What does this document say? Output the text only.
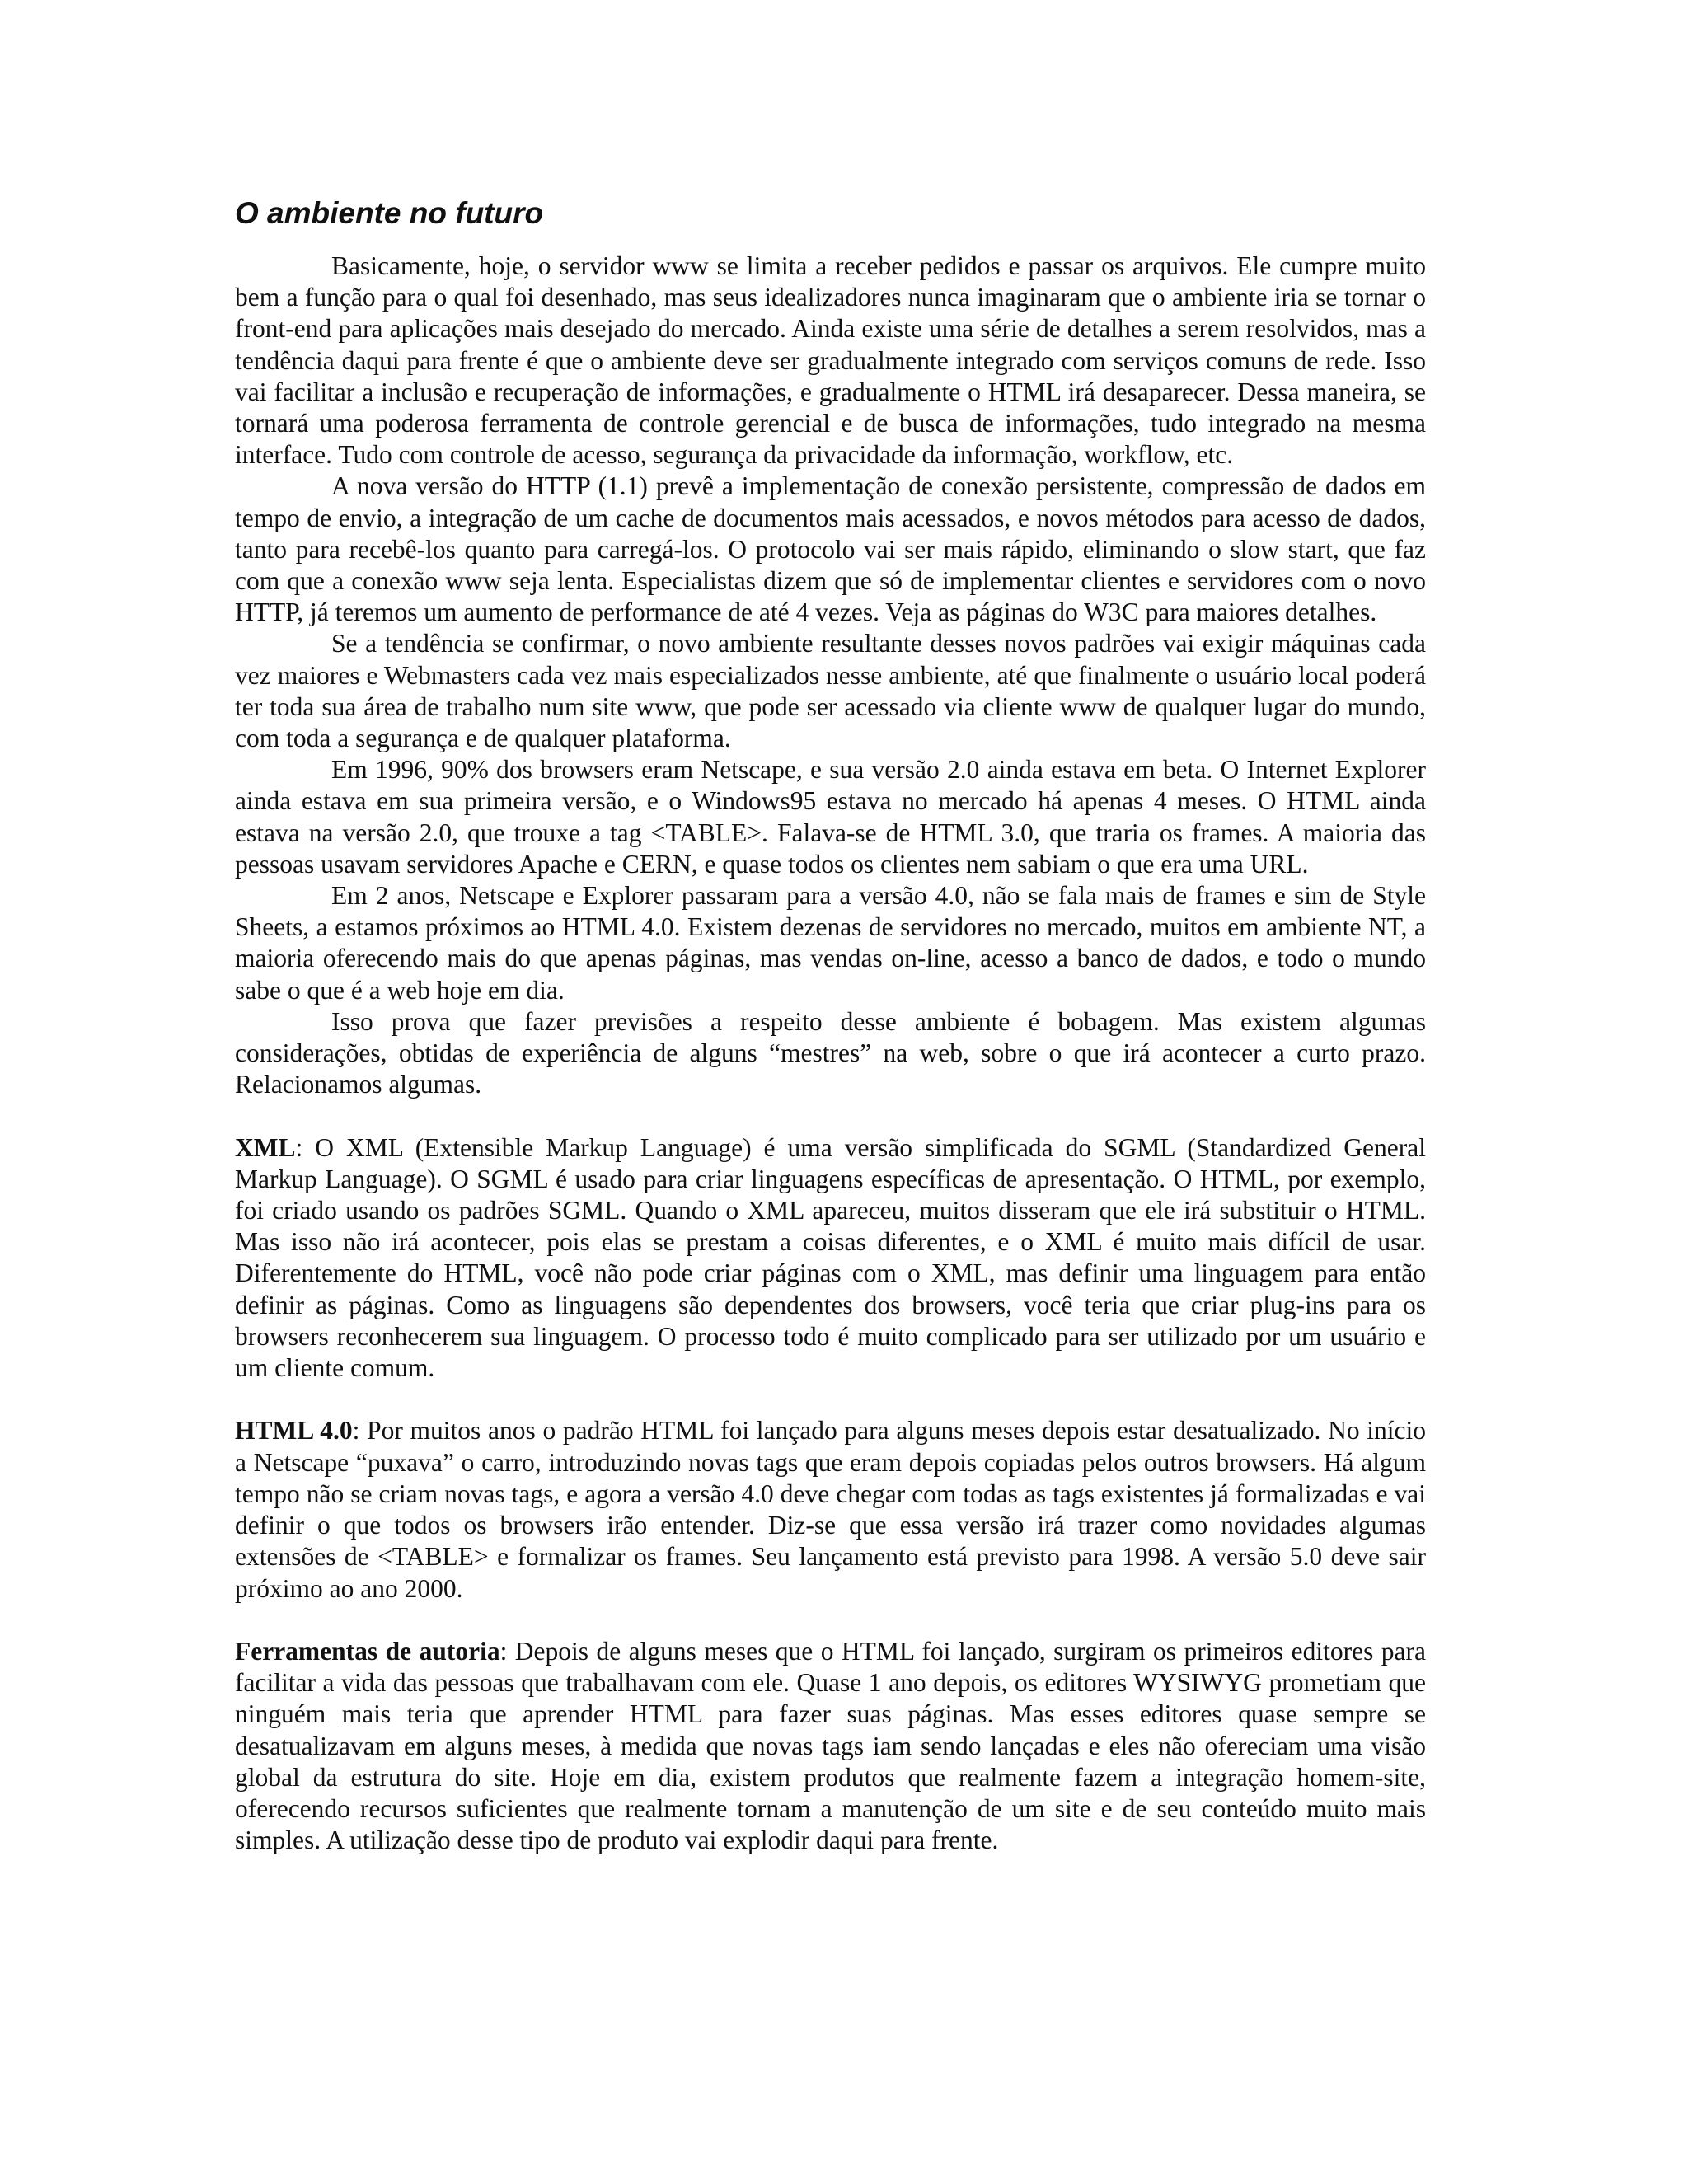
O ambiente no futuro

Basicamente, hoje, o servidor www se limita a receber pedidos e passar os arquivos. Ele cumpre muito bem a função para o qual foi desenhado, mas seus idealizadores nunca imaginaram que o ambiente iria se tornar o front-end para aplicações mais desejado do mercado. Ainda existe uma série de detalhes a serem resolvidos, mas a tendência daqui para frente é que o ambiente deve ser gradualmente integrado com serviços comuns de rede. Isso vai facilitar a inclusão e recuperação de informações, e gradualmente o HTML irá desaparecer. Dessa maneira, se tornará uma poderosa ferramenta de controle gerencial e de busca de informações, tudo integrado na mesma interface. Tudo com controle de acesso, segurança da privacidade da informação, workflow, etc.

A nova versão do HTTP (1.1) prevê a implementação de conexão persistente, compressão de dados em tempo de envio, a integração de um cache de documentos mais acessados, e novos métodos para acesso de dados, tanto para recebê-los quanto para carregá-los. O protocolo vai ser mais rápido, eliminando o slow start, que faz com que a conexão www seja lenta. Especialistas dizem que só de implementar clientes e servidores com o novo HTTP, já teremos um aumento de performance de até 4 vezes. Veja as páginas do W3C para maiores detalhes.

Se a tendência se confirmar, o novo ambiente resultante desses novos padrões vai exigir máquinas cada vez maiores e Webmasters cada vez mais especializados nesse ambiente, até que finalmente o usuário local poderá ter toda sua área de trabalho num site www, que pode ser acessado via cliente www de qualquer lugar do mundo, com toda a segurança e de qualquer plataforma.

Em 1996, 90% dos browsers eram Netscape, e sua versão 2.0 ainda estava em beta. O Internet Explorer ainda estava em sua primeira versão, e o Windows95 estava no mercado há apenas 4 meses. O HTML ainda estava na versão 2.0, que trouxe a tag <TABLE>. Falava-se de HTML 3.0, que traria os frames. A maioria das pessoas usavam servidores Apache e CERN, e quase todos os clientes nem sabiam o que era uma URL.

Em 2 anos, Netscape e Explorer passaram para a versão 4.0, não se fala mais de frames e sim de Style Sheets, a estamos próximos ao HTML 4.0. Existem dezenas de servidores no mercado, muitos em ambiente NT, a maioria oferecendo mais do que apenas páginas, mas vendas on-line, acesso a banco de dados, e todo o mundo sabe o que é a web hoje em dia.

Isso prova que fazer previsões a respeito desse ambiente é bobagem. Mas existem algumas considerações, obtidas de experiência de alguns “mestres” na web, sobre o que irá acontecer a curto prazo. Relacionamos algumas.

XML: O XML (Extensible Markup Language) é uma versão simplificada do SGML (Standardized General Markup Language). O SGML é usado para criar linguagens específicas de apresentação. O HTML, por exemplo, foi criado usando os padrões SGML. Quando o XML apareceu, muitos disseram que ele irá substituir o HTML. Mas isso não irá acontecer, pois elas se prestam a coisas diferentes, e o XML é muito mais difícil de usar. Diferentemente do HTML, você não pode criar páginas com o XML, mas definir uma linguagem para então definir as páginas. Como as linguagens são dependentes dos browsers, você teria que criar plug-ins para os browsers reconhecerem sua linguagem. O processo todo é muito complicado para ser utilizado por um usuário e um cliente comum.

HTML 4.0: Por muitos anos o padrão HTML foi lançado para alguns meses depois estar desatualizado. No início a Netscape “puxava” o carro, introduzindo novas tags que eram depois copiadas pelos outros browsers. Há algum tempo não se criam novas tags, e agora a versão 4.0 deve chegar com todas as tags existentes já formalizadas e vai definir o que todos os browsers irão entender. Diz-se que essa versão irá trazer como novidades algumas extensões de <TABLE> e formalizar os frames. Seu lançamento está previsto para 1998. A versão 5.0 deve sair próximo ao ano 2000.

Ferramentas de autoria: Depois de alguns meses que o HTML foi lançado, surgiram os primeiros editores para facilitar a vida das pessoas que trabalhavam com ele. Quase 1 ano depois, os editores WYSIWYG prometiam que ninguém mais teria que aprender HTML para fazer suas páginas. Mas esses editores quase sempre se desatualizavam em alguns meses, à medida que novas tags iam sendo lançadas e eles não ofereciam uma visão global da estrutura do site. Hoje em dia, existem produtos que realmente fazem a integração homem-site, oferecendo recursos suficientes que realmente tornam a manutenção de um site e de seu conteúdo muito mais simples. A utilização desse tipo de produto vai explodir daqui para frente.
